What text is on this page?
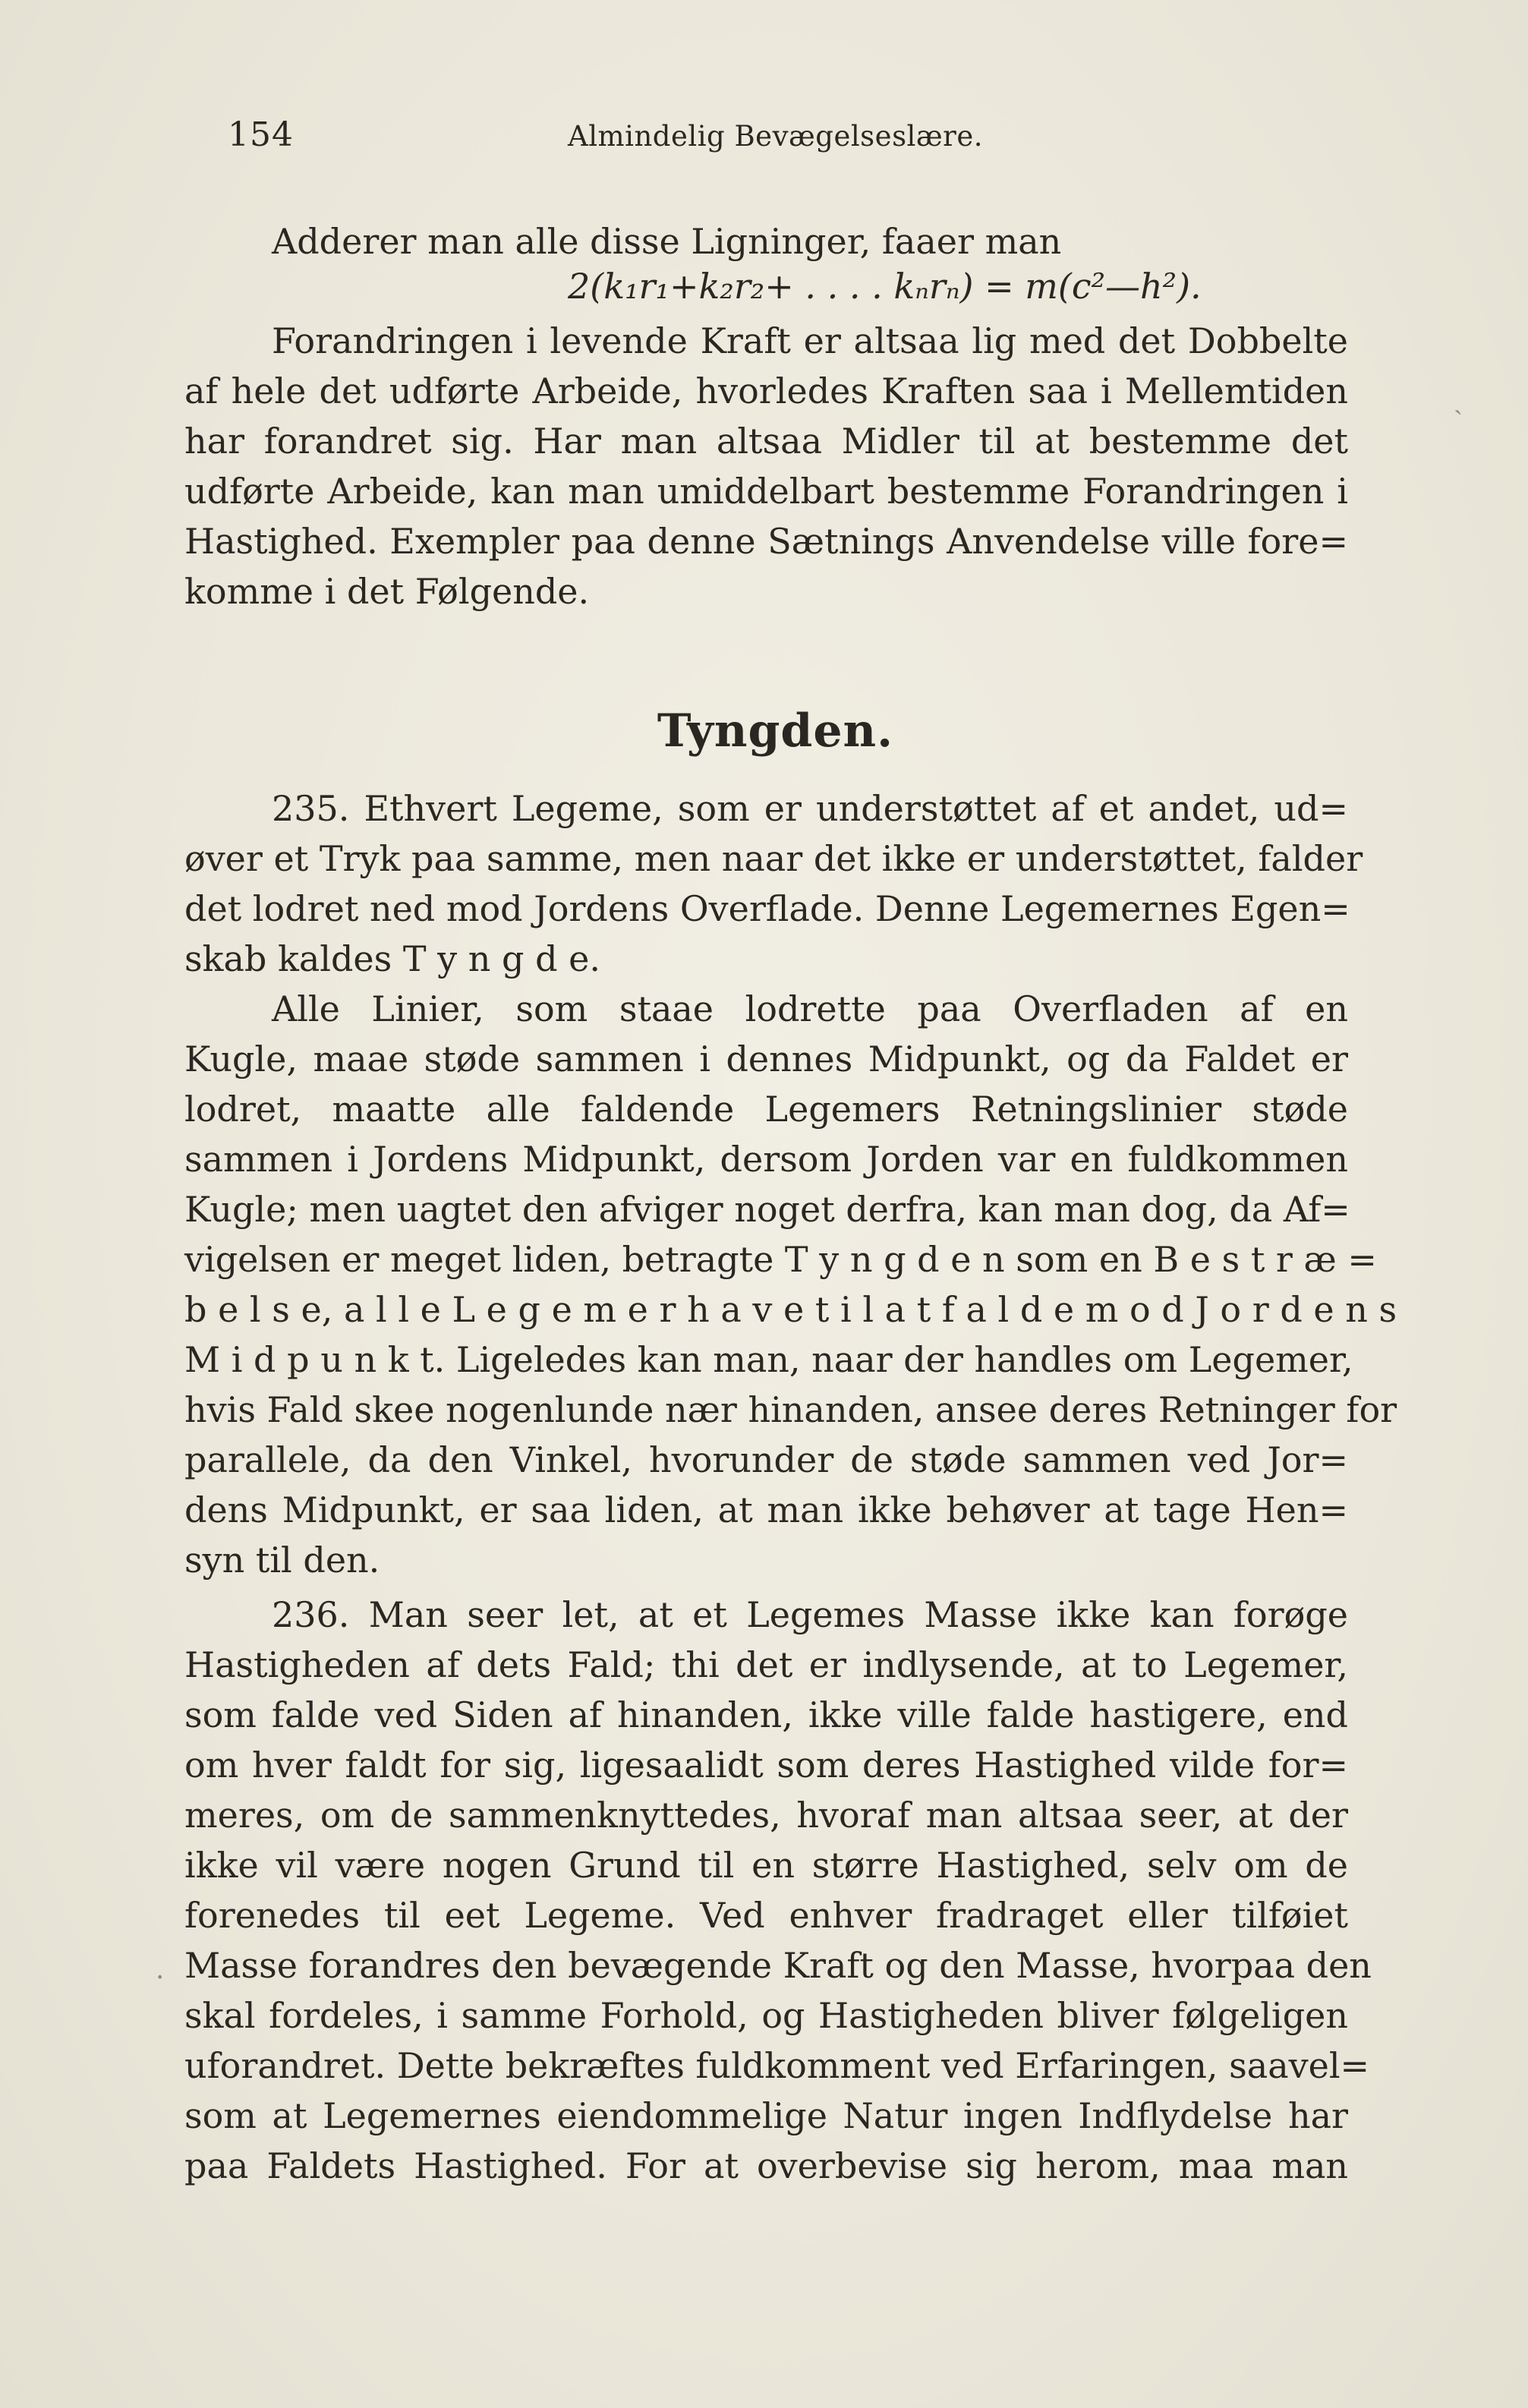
154	Almindelig Bevægelseslære.
Adderer man alle disse Ligninger, faaer man
2(k₁r₁+k₂r₂+ . . . . kₙrₙ) = m(c²—h²).
Forandringen i levende Kraft er altsaa lig med det Dobbelte
af hele det udførte Arbeide, hvorledes Kraften saa i Mellemtiden
har forandret sig. Har man altsaa Midler til at bestemme det
udførte Arbeide, kan man umiddelbart bestemme Forandringen i
Hastighed. Exempler paa denne Sætnings Anvendelse ville fore=
komme i det Følgende.
Tyngden.
235. Ethvert Legeme, som er understøttet af et andet, ud=
øver et Tryk paa samme, men naar det ikke er understøttet, falder
det lodret ned mod Jordens Overflade. Denne Legemernes Egen=
skab kaldes T y n g d e.
Alle Linier, som staae lodrette paa Overfladen af en
Kugle, maae støde sammen i dennes Midpunkt, og da Faldet er
lodret, maatte alle faldende Legemers Retningslinier støde
sammen i Jordens Midpunkt, dersom Jorden var en fuldkommen
Kugle; men uagtet den afviger noget derfra, kan man dog, da Af=
vigelsen er meget liden, betragte T y n g d e n som en B e s t r æ =
b e l s e, a l l e L e g e m e r h a v e t i l a t f a l d e m o d J o r d e n s
M i d p u n k t. Ligeledes kan man, naar der handles om Legemer,
hvis Fald skee nogenlunde nær hinanden, ansee deres Retninger for
parallele, da den Vinkel, hvorunder de støde sammen ved Jor=
dens Midpunkt, er saa liden, at man ikke behøver at tage Hen=
syn til den.
236. Man seer let, at et Legemes Masse ikke kan forøge
Hastigheden af dets Fald; thi det er indlysende, at to Legemer,
som falde ved Siden af hinanden, ikke ville falde hastigere, end
om hver faldt for sig, ligesaalidt som deres Hastighed vilde for=
meres, om de sammenknyttedes, hvoraf man altsaa seer, at der
ikke vil være nogen Grund til en større Hastighed, selv om de
forenedes til eet Legeme. Ved enhver fradraget eller tilføiet
Masse forandres den bevægende Kraft og den Masse, hvorpaa den
skal fordeles, i samme Forhold, og Hastigheden bliver følgeligen
uforandret. Dette bekræftes fuldkomment ved Erfaringen, saavel=
som at Legemernes eiendommelige Natur ingen Indflydelse har
paa Faldets Hastighed. For at overbevise sig herom, maa man
ˎ
·
